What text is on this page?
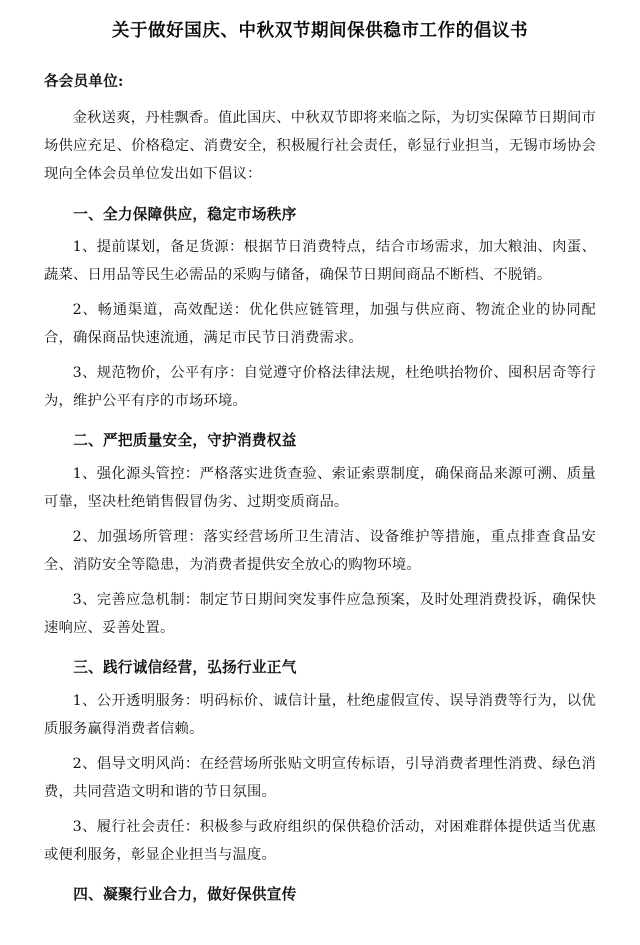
关于做好国庆、中秋双节期间保供稳市工作的倡议书

各会员单位:

金秋送爽，丹桂飘香。值此国庆、中秋双节即将来临之际，为切实保障节日期间市场供应充足、价格稳定、消费安全，积极履行社会责任，彰显行业担当，无锡市场协会现向全体会员单位发出如下倡议：

一、全力保障供应，稳定市场秩序

1、提前谋划，备足货源：根据节日消费特点，结合市场需求，加大粮油、肉蛋、蔬菜、日用品等民生必需品的采购与储备，确保节日期间商品不断档、不脱销。

2、畅通渠道，高效配送：优化供应链管理，加强与供应商、物流企业的协同配合，确保商品快速流通，满足市民节日消费需求。

3、规范物价，公平有序：自觉遵守价格法律法规，杜绝哄抬物价、囤积居奇等行为，维护公平有序的市场环境。

二、严把质量安全，守护消费权益

1、强化源头管控：严格落实进货查验、索证索票制度，确保商品来源可溯、质量可靠，坚决杜绝销售假冒伪劣、过期变质商品。

2、加强场所管理：落实经营场所卫生清洁、设备维护等措施，重点排查食品安全、消防安全等隐患，为消费者提供安全放心的购物环境。

3、完善应急机制：制定节日期间突发事件应急预案，及时处理消费投诉，确保快速响应、妥善处置。

三、践行诚信经营，弘扬行业正气

1、公开透明服务：明码标价、诚信计量，杜绝虚假宣传、误导消费等行为，以优质服务赢得消费者信赖。

2、倡导文明风尚：在经营场所张贴文明宣传标语，引导消费者理性消费、绿色消费，共同营造文明和谐的节日氛围。

3、履行社会责任：积极参与政府组织的保供稳价活动，对困难群体提供适当优惠或便利服务，彰显企业担当与温度。

四、凝聚行业合力，做好保供宣传
